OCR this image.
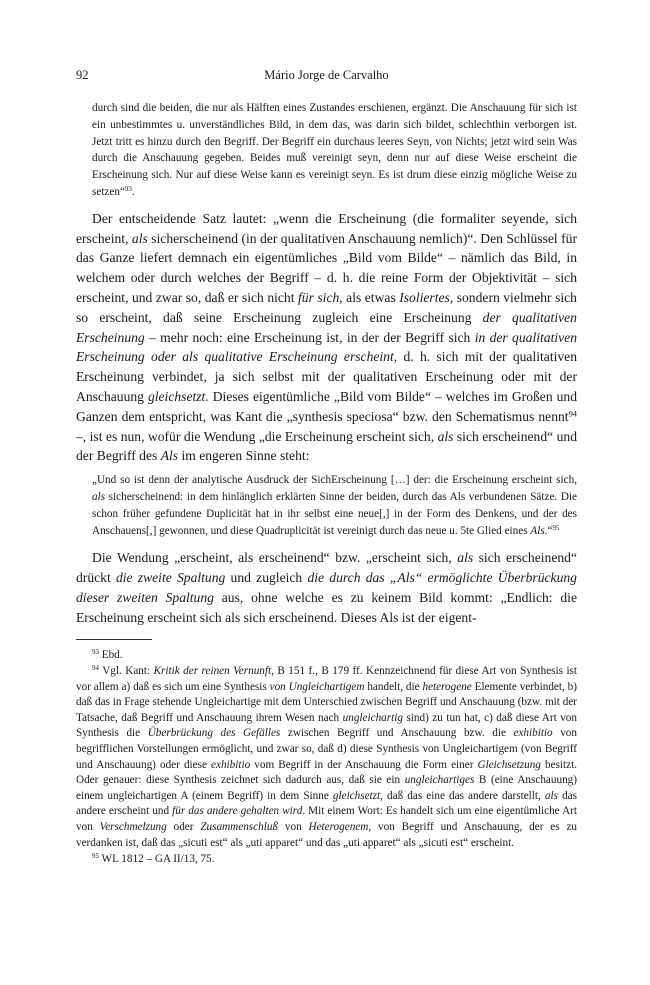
92	Mário Jorge de Carvalho

durch sind die beiden, die nur als Hälften eines Zustandes erschienen, ergänzt. Die Anschauung für sich ist ein unbestimmtes u. unverständliches Bild, in dem das, was darin sich bildet, schlechthin verborgen ist. Jetzt tritt es hinzu durch den Begriff. Der Begriff ein durchaus leeres Seyn, von Nichts; jetzt wird sein Was durch die Anschauung gegeben. Beides muß vereinigt seyn, denn nur auf diese Weise erscheint die Erscheinung sich. Nur auf diese Weise kann es vereinigt seyn. Es ist drum diese einzig mögliche Weise zu setzen“$^{93}$.

Der entscheidende Satz lautet: „wenn die Erscheinung (die formaliter seyende, sich erscheint, als sicherscheinend (in der qualitativen Anschauung nemlich)“. Den Schlüssel für das Ganze liefert demnach ein eigentümliches „Bild vom Bilde“ – nämlich das Bild, in welchem oder durch welches der Begriff – d. h. die reine Form der Objektivität – sich erscheint, und zwar so, daß er sich nicht für sich, als etwas Isoliertes, sondern vielmehr sich so erscheint, daß seine Erscheinung zugleich eine Erscheinung der qualitativen Erscheinung – mehr noch: eine Erscheinung ist, in der der Begriff sich in der qualitativen Erscheinung oder als qualitative Erscheinung erscheint, d. h. sich mit der qualitativen Erscheinung verbindet, ja sich selbst mit der qualitativen Erscheinung oder mit der Anschauung gleichsetzt. Dieses eigentümliche „Bild vom Bilde“ – welches im Großen und Ganzen dem entspricht, was Kant die „synthesis speciosa“ bzw. den Schematismus nennt$^{94}$ –, ist es nun, wofür die Wendung „die Erscheinung erscheint sich, als sich erscheinend“ und der Begriff des Als im engeren Sinne steht:

„Und so ist denn der analytische Ausdruck der SichErscheinung […] der: die Erscheinung erscheint sich, als sicherscheinend: in dem hinlänglich erklärten Sinne der beiden, durch das Als verbundenen Sätze. Die schon früher gefundene Duplicität hat in ihr selbst eine neue[,] in der Form des Denkens, und der des Anschauens[,] gewonnen, und diese Quadruplicität ist vereinigt durch das neue u. 5te Glied eines Als.“$^{95}$

Die Wendung „erscheint, als erscheinend“ bzw. „erscheint sich, als sich erscheinend“ drückt die zweite Spaltung und zugleich die durch das „Als“ ermöglichte Überbrückung dieser zweiten Spaltung aus, ohne welche es zu keinem Bild kommt: „Endlich: die Erscheinung erscheint sich als sich erscheinend. Dieses Als ist der eigent-

$^{93}$ Ebd.

$^{94}$ Vgl. Kant: Kritik der reinen Vernunft, B 151 f., B 179 ff. Kennzeichnend für diese Art von Synthesis ist vor allem a) daß es sich um eine Synthesis von Ungleichartigem handelt, die heterogene Elemente verbindet, b) daß das in Frage stehende Ungleichartige mit dem Unterschied zwischen Begriff und Anschauung (bzw. mit der Tatsache, daß Begriff und Anschauung ihrem Wesen nach ungleichartig sind) zu tun hat, c) daß diese Art von Synthesis die Überbrückung des Gefälles zwischen Begriff und Anschauung bzw. die exhibitio von begrifflichen Vorstellungen ermöglicht, und zwar so, daß d) diese Synthesis von Ungleichartigem (von Begriff und Anschauung) oder diese exhibitio vom Begriff in der Anschauung die Form einer Gleichsetzung besitzt. Oder genauer: diese Synthesis zeichnet sich dadurch aus, daß sie ein ungleichartiges B (eine Anschauung) einem ungleichartigen A (einem Begriff) in dem Sinne gleichsetzt, daß das eine das andere darstellt, als das andere erscheint und für das andere gehalten wird. Mit einem Wort: Es handelt sich um eine eigentümliche Art von Verschmelzung oder Zusammenschluß von Heterogenem, von Begriff und Anschauung, der es zu verdanken ist, daß das „sicuti est“ als „uti apparet“ und das „uti apparet“ als „sicuti est“ erscheint.

$^{95}$ WL 1812 – GA II/13, 75.
